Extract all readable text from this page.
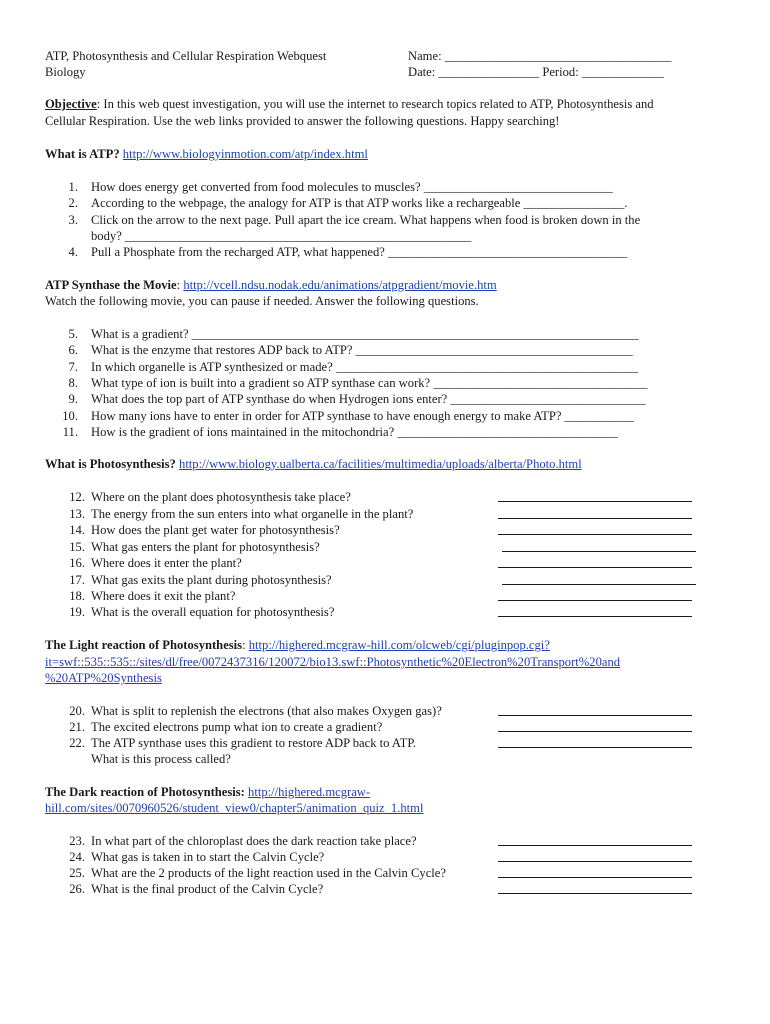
ATP, Photosynthesis and Cellular Respiration Webquest
Biology
Name: ____________________________________
Date: ________________ Period: _____________
Objective: In this web quest investigation, you will use the internet to research topics related to ATP, Photosynthesis and
Cellular Respiration. Use the web links provided to answer the following questions. Happy searching!
What is ATP? http://www.biologyinmotion.com/atp/index.html
1. How does energy get converted from food molecules to muscles? ______________________________
2. According to the webpage, the analogy for ATP is that ATP works like a rechargeable ________________.
3. Click on the arrow to the next page. Pull apart the ice cream. What happens when food is broken down in the
body? _______________________________________________________
4. Pull a Phosphate from the recharged ATP, what happened? ______________________________________
ATP Synthase the Movie: http://vcell.ndsu.nodak.edu/animations/atpgradient/movie.htm
Watch the following movie, you can pause if needed. Answer the following questions.
5. What is a gradient? _______________________________________________________________________
6. What is the enzyme that restores ADP back to ATP? ____________________________________________
7. In which organelle is ATP synthesized or made? ________________________________________________
8. What type of ion is built into a gradient so ATP synthase can work? __________________________________
9. What does the top part of ATP synthase do when Hydrogen ions enter? _______________________________
10. How many ions have to enter in order for ATP synthase to have enough energy to make ATP? ___________
11. How is the gradient of ions maintained in the mitochondria? ___________________________________
What is Photosynthesis? http://www.biology.ualberta.ca/facilities/multimedia/uploads/alberta/Photo.html
12. Where on the plant does photosynthesis take place?
13. The energy from the sun enters into what organelle in the plant?
14. How does the plant get water for photosynthesis?
15. What gas enters the plant for photosynthesis?
16. Where does it enter the plant?
17. What gas exits the plant during photosynthesis?
18. Where does it exit the plant?
19. What is the overall equation for photosynthesis?
The Light reaction of Photosynthesis: http://highered.mcgraw-hill.com/olcweb/cgi/pluginpop.cgi?
it=swf::535::535::/sites/dl/free/0072437316/120072/bio13.swf::Photosynthetic%20Electron%20Transport%20and
%20ATP%20Synthesis
20. What is split to replenish the electrons (that also makes Oxygen gas)?
21. The excited electrons pump what ion to create a gradient?
22. The ATP synthase uses this gradient to restore ADP back to ATP.
What is this process called?
The Dark reaction of Photosynthesis: http://highered.mcgraw-
hill.com/sites/0070960526/student_view0/chapter5/animation_quiz_1.html
23. In what part of the chloroplast does the dark reaction take place?
24. What gas is taken in to start the Calvin Cycle?
25. What are the 2 products of the light reaction used in the Calvin Cycle?
26. What is the final product of the Calvin Cycle?
